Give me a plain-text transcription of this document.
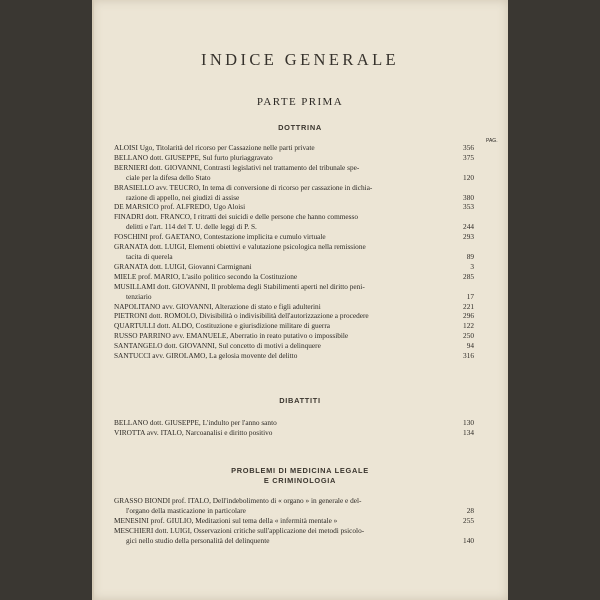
INDICE GENERALE
PARTE PRIMA
DOTTRINA
PAG.
ALOISI Ugo, Titolarità del ricorso per Cassazione nelle parti private	356
BELLANO dott. GIUSEPPE, Sul furto pluriaggravato	375
BERNIERI dott. GIOVANNI, Contrasti legislativi nel trattamento del tribunale spe-
ciale per la difesa dello Stato	120
BRASIELLO avv. TEUCRO, In tema di conversione di ricorso per cassazione in dichia-
razione di appello, nei giudizi di assise	380
DE MARSICO prof. ALFREDO, Ugo Aloisi	353
FINADRI dott. FRANCO, I ritratti dei suicidi e delle persone che hanno commesso
delitti e l'art. 114 del T. U. delle leggi di P. S.	244
FOSCHINI prof. GAETANO, Contestazione implicita e cumulo virtuale	293
GRANATA dott. LUIGI, Elementi obiettivi e valutazione psicologica nella remissione
tacita di querela	89
GRANATA dott. LUIGI, Giovanni Carmignani	3
MIELE prof. MARIO, L'asilo politico secondo la Costituzione	285
MUSILLAMI dott. GIOVANNI, Il problema degli Stabilimenti aperti nel diritto peni-
tenziario	17
NAPOLITANO avv. GIOVANNI, Alterazione di stato e figli adulterini	221
PIETRONI dott. ROMOLO, Divisibilità o indivisibilità dell'autorizzazione a procedere	296
QUARTULLI dott. ALDO, Costituzione e giurisdizione militare di guerra	122
RUSSO PARRINO avv. EMANUELE, Aberratio in reato putativo o impossibile	250
SANTANGELO dott. GIOVANNI, Sul concetto di motivi a delinquere	94
SANTUCCI avv. GIROLAMO, La gelosia movente del delitto	316
DIBATTITI
BELLANO dott. GIUSEPPE, L'indulto per l'anno santo	130
VIROTTA avv. ITALO, Narcoanalisi e diritto positivo	134
PROBLEMI DI MEDICINA LEGALE
E CRIMINOLOGIA
GRASSO BIONDI prof. ITALO, Dell'indebolimento di « organo » in generale e del-
l'organo della masticazione in particolare	28
MENESINI prof. GIULIO, Meditazioni sul tema della « infermità mentale »	255
MESCHIERI dott. LUIGI, Osservazioni critiche sull'applicazione dei metodi psicolo-
gici nello studio della personalità del delinquente	140
